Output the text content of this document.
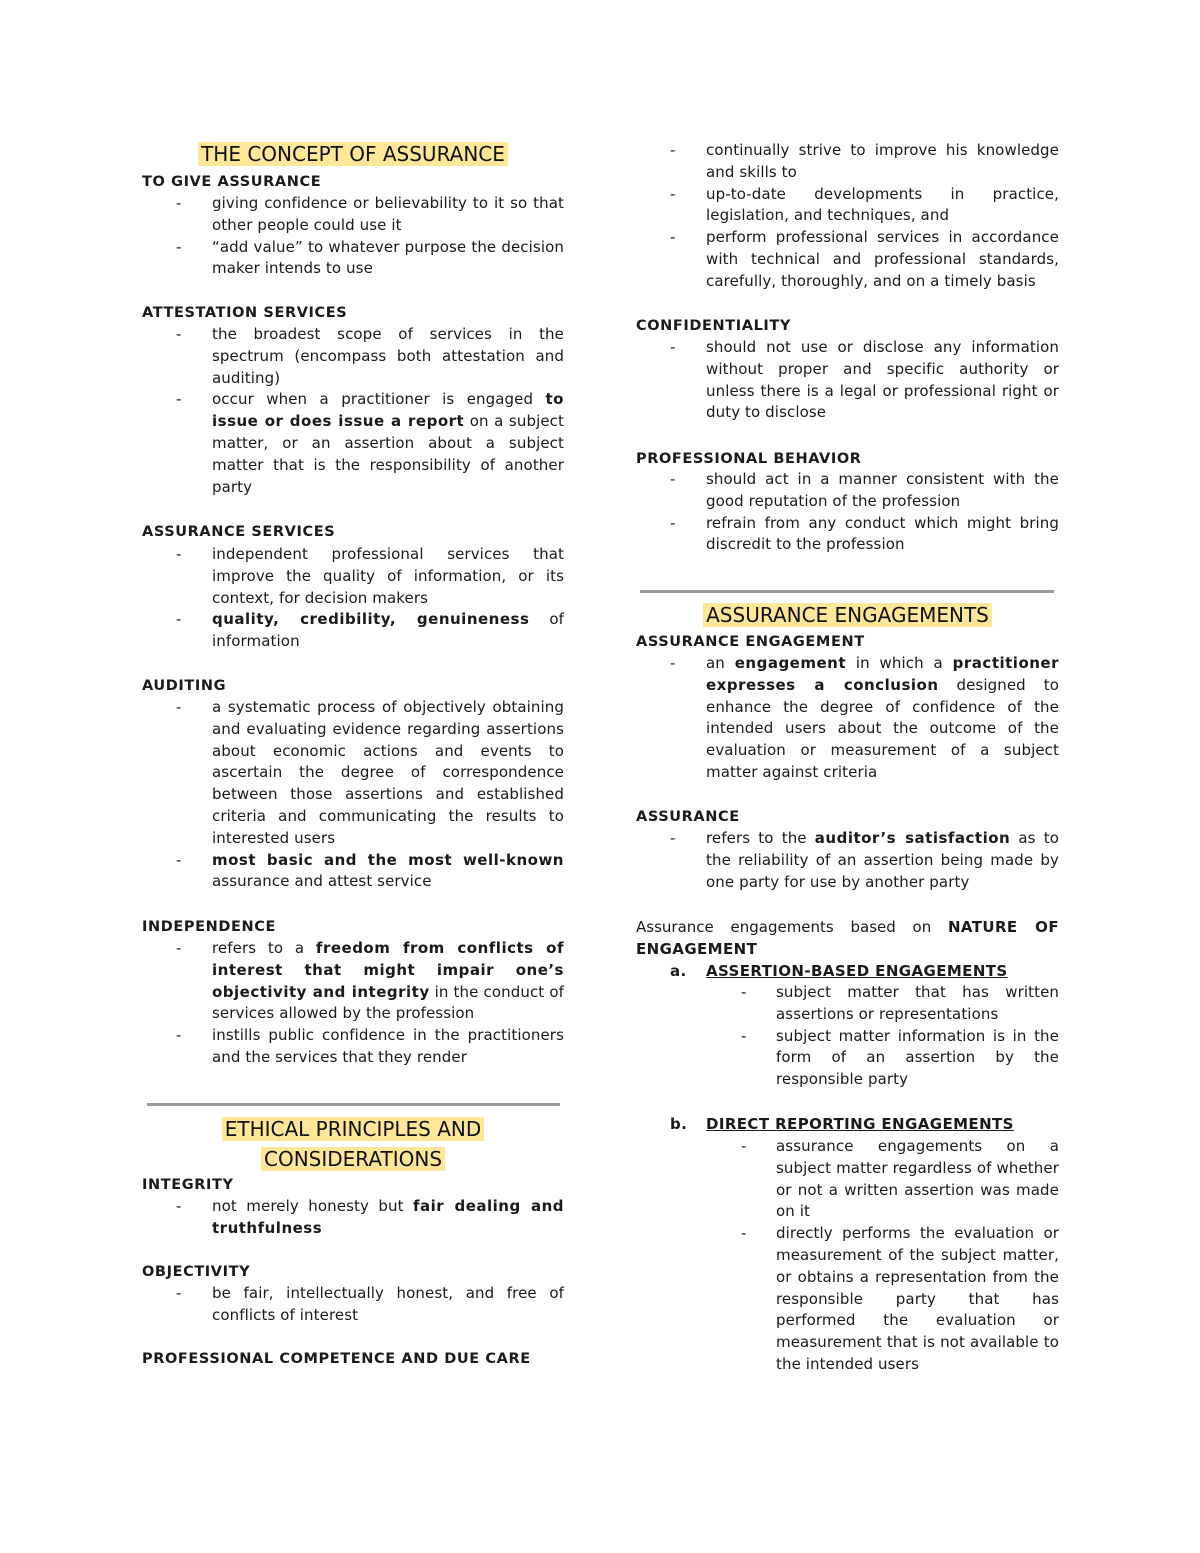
THE CONCEPT OF ASSURANCE
TO GIVE ASSURANCE
- giving confidence or believability to it so that other people could use it
- “add value” to whatever purpose the decision maker intends to use
ATTESTATION SERVICES
- the broadest scope of services in the spectrum (encompass both attestation and auditing)
- occur when a practitioner is engaged to issue or does issue a report on a subject matter, or an assertion about a subject matter that is the responsibility of another party
ASSURANCE SERVICES
- independent professional services that improve the quality of information, or its context, for decision makers
- quality, credibility, genuineness of information
AUDITING
- a systematic process of objectively obtaining and evaluating evidence regarding assertions about economic actions and events to ascertain the degree of correspondence between those assertions and established criteria and communicating the results to interested users
- most basic and the most well-known assurance and attest service
INDEPENDENCE
- refers to a freedom from conflicts of interest that might impair one’s objectivity and integrity in the conduct of services allowed by the profession
- instills public confidence in the practitioners and the services that they render
ETHICAL PRINCIPLES AND
CONSIDERATIONS
INTEGRITY
- not merely honesty but fair dealing and truthfulness
OBJECTIVITY
- be fair, intellectually honest, and free of conflicts of interest
PROFESSIONAL COMPETENCE AND DUE CARE
- continually strive to improve his knowledge and skills to
- up-to-date developments in practice, legislation, and techniques, and
- perform professional services in accordance with technical and professional standards, carefully, thoroughly, and on a timely basis
CONFIDENTIALITY
- should not use or disclose any information without proper and specific authority or unless there is a legal or professional right or duty to disclose
PROFESSIONAL BEHAVIOR
- should act in a manner consistent with the good reputation of the profession
- refrain from any conduct which might bring discredit to the profession
ASSURANCE ENGAGEMENTS
ASSURANCE ENGAGEMENT
- an engagement in which a practitioner expresses a conclusion designed to enhance the degree of confidence of the intended users about the outcome of the evaluation or measurement of a subject matter against criteria
ASSURANCE
- refers to the auditor’s satisfaction as to the reliability of an assertion being made by one party for use by another party
Assurance engagements based on NATURE OF ENGAGEMENT
a. ASSERTION-BASED ENGAGEMENTS
- subject matter that has written assertions or representations
- subject matter information is in the form of an assertion by the responsible party
b. DIRECT REPORTING ENGAGEMENTS
- assurance engagements on a subject matter regardless of whether or not a written assertion was made on it
- directly performs the evaluation or measurement of the subject matter, or obtains a representation from the responsible party that has performed the evaluation or measurement that is not available to the intended users
